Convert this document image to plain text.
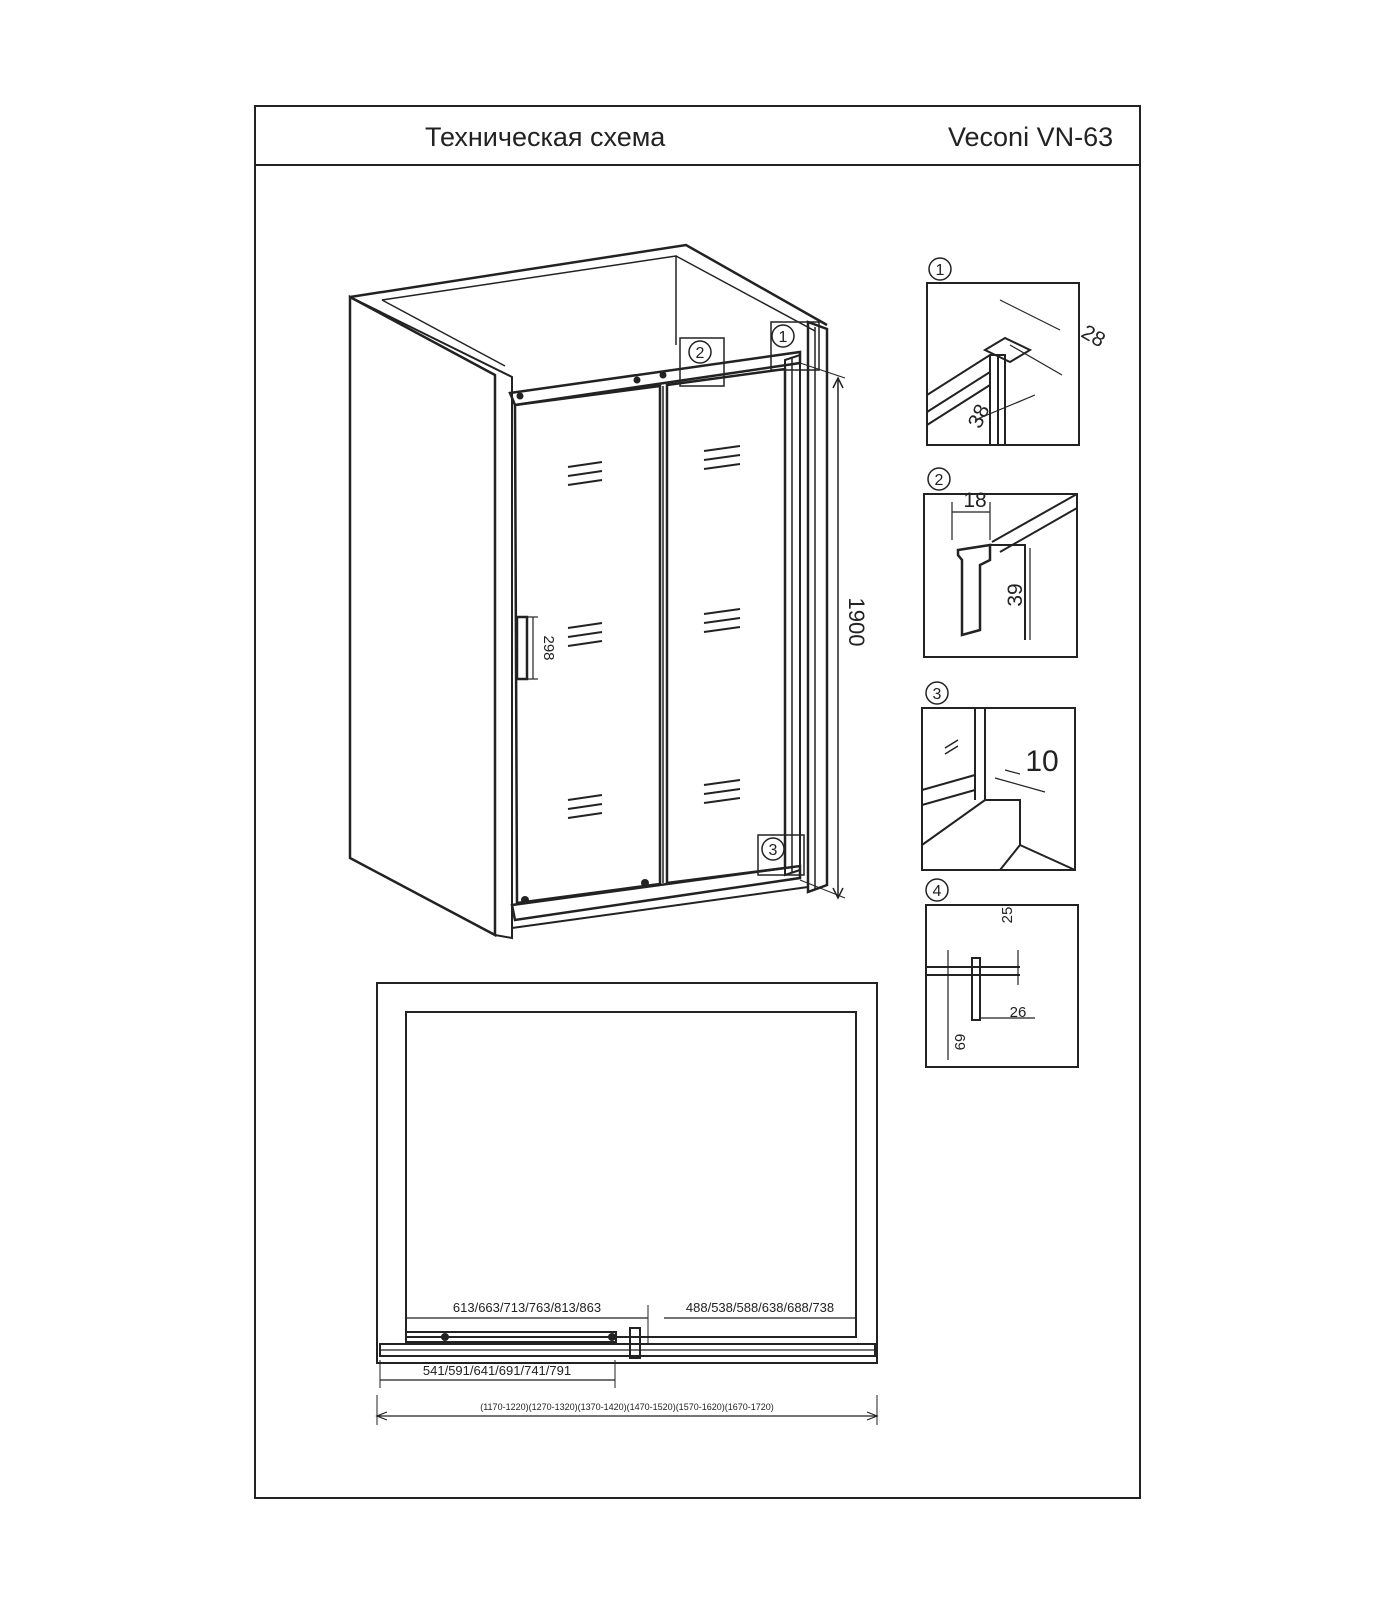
Техническая схема	Veconi VN-63
298
1
2
3
1900
1
28
38
2
18
39
3
10
4
25
26
69
613/663/713/763/813/863	488/538/588/638/688/738
541/591/641/691/741/791
(1170-1220)(1270-1320)(1370-1420)(1470-1520)(1570-1620)(1670-1720)
